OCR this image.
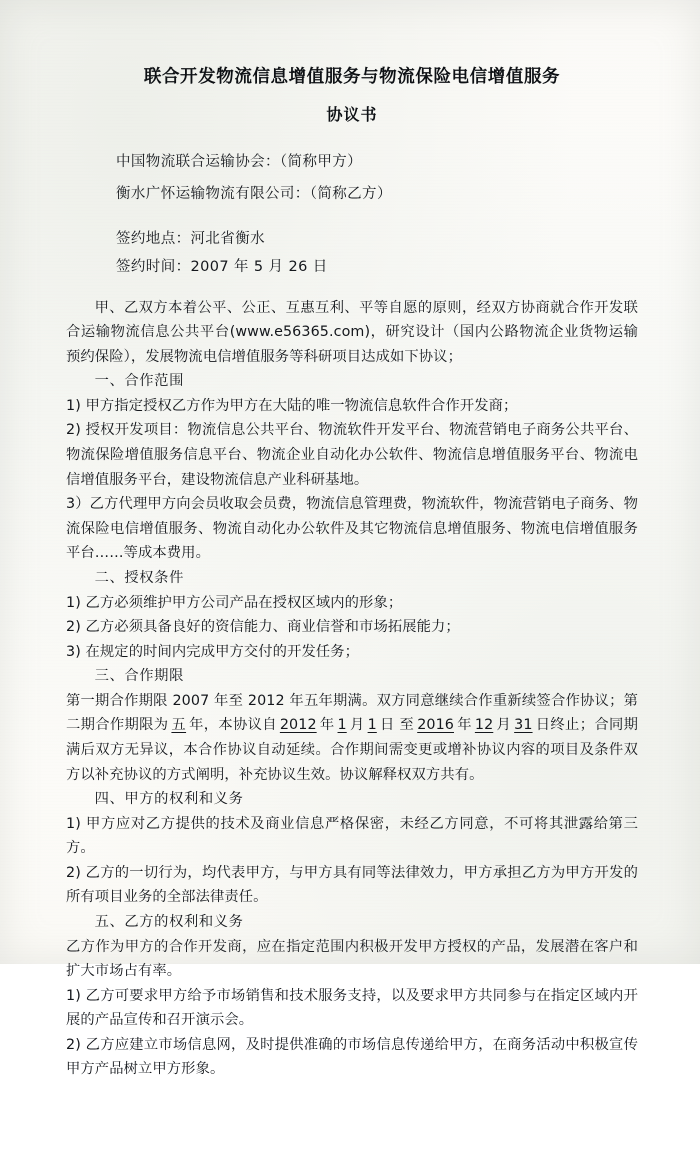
联合开发物流信息增值服务与物流保险电信增值服务
协议书

中国物流联合运输协会：（简称甲方）

衡水广怀运输物流有限公司：（简称乙方）

签约地点：河北省衡水

签约时间：2007 年 5 月 26 日

甲、乙双方本着公平、公正、互惠互利、平等自愿的原则，经双方协商就合作开发联合运输物流信息公共平台(www.e56365.com)，研究设计（国内公路物流企业货物运输预约保险），发展物流电信增值服务等科研项目达成如下协议；

一、合作范围

1) 甲方指定授权乙方作为甲方在大陆的唯一物流信息软件合作开发商；

2) 授权开发项目：物流信息公共平台、物流软件开发平台、物流营销电子商务公共平台、物流保险增值服务信息平台、物流企业自动化办公软件、物流信息增值服务平台、物流电信增值服务平台，建设物流信息产业科研基地。

3）乙方代理甲方向会员收取会员费，物流信息管理费，物流软件，物流营销电子商务、物流保险电信增值服务、物流自动化办公软件及其它物流信息增值服务、物流电信增值服务平台……等成本费用。

二、授权条件

1) 乙方必须维护甲方公司产品在授权区域内的形象；

2) 乙方必须具备良好的资信能力、商业信誉和市场拓展能力；

3) 在规定的时间内完成甲方交付的开发任务；

三、合作期限

第一期合作期限 2007 年至 2012 年五年期满。双方同意继续合作重新续签合作协议；第二期合作期限为 五 年，本协议自 2012 年 1 月 1 日 至 2016 年 12 月 31 日终止；合同期满后双方无异议，本合作协议自动延续。合作期间需变更或增补协议内容的项目及条件双方以补充协议的方式阐明，补充协议生效。协议解释权双方共有。

四、甲方的权利和义务

1) 甲方应对乙方提供的技术及商业信息严格保密，未经乙方同意，不可将其泄露给第三方。

2) 乙方的一切行为，均代表甲方，与甲方具有同等法律效力，甲方承担乙方为甲方开发的所有项目业务的全部法律责任。

五、乙方的权利和义务

乙方作为甲方的合作开发商，应在指定范围内积极开发甲方授权的产品，发展潜在客户和扩大市场占有率。

1) 乙方可要求甲方给予市场销售和技术服务支持，以及要求甲方共同参与在指定区域内开展的产品宣传和召开演示会。

2) 乙方应建立市场信息网，及时提供准确的市场信息传递给甲方，在商务活动中积极宣传甲方产品树立甲方形象。
